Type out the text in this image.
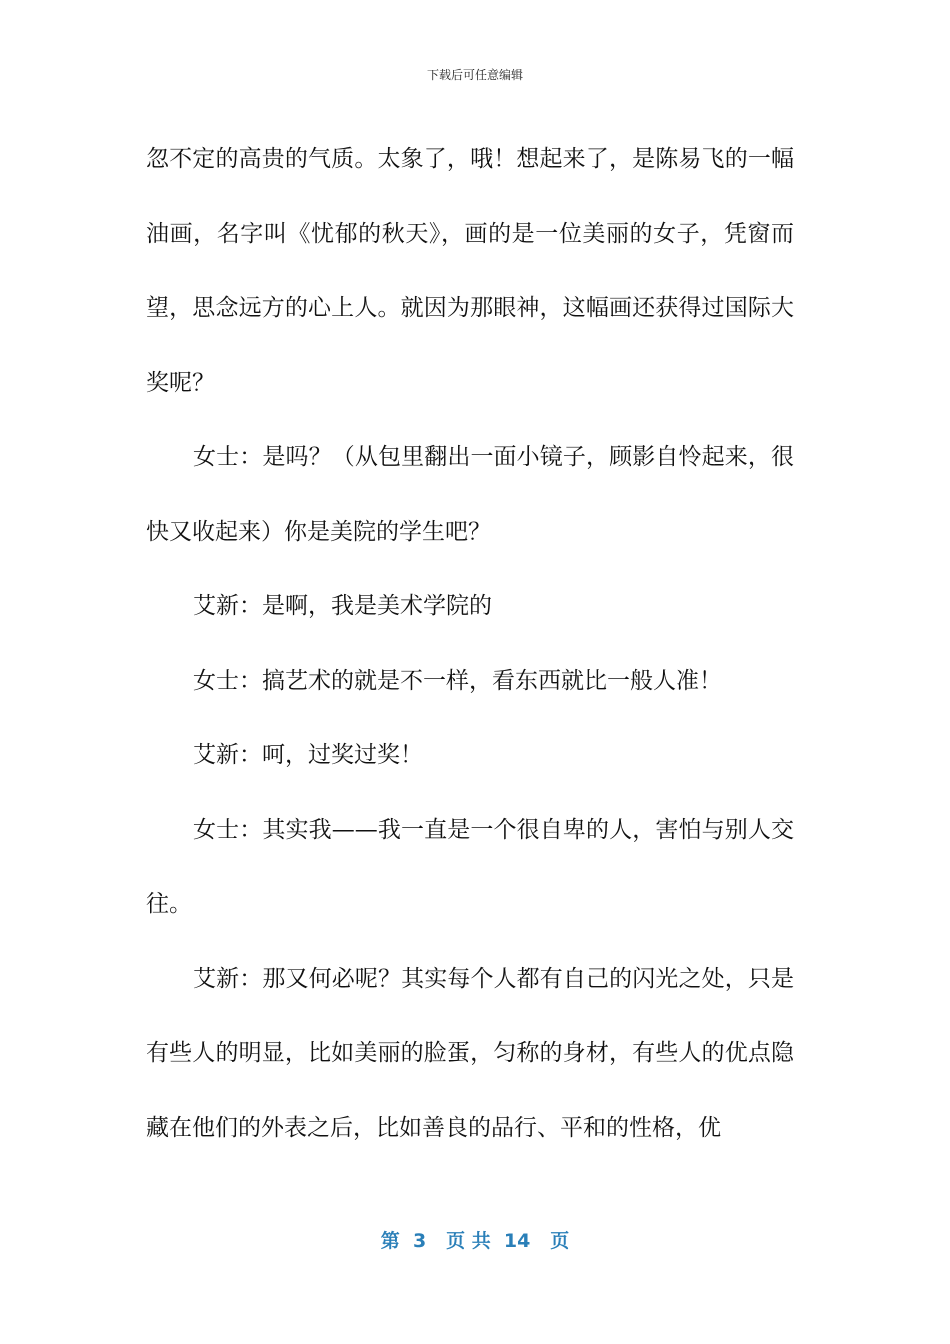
下载后可任意编辑

忽不定的高贵的气质。太象了，哦！想起来了，是陈易飞的一幅油画，名字叫《忧郁的秋天》，画的是一位美丽的女子，凭窗而望，思念远方的心上人。就因为那眼神，这幅画还获得过国际大奖呢？

女士：是吗？（从包里翻出一面小镜子，顾影自怜起来，很快又收起来）你是美院的学生吧？

艾新：是啊，我是美术学院的

女士：搞艺术的就是不一样，看东西就比一般人准！

艾新：呵，过奖过奖！

女士：其实我——我一直是一个很自卑的人，害怕与别人交往。

艾新：那又何必呢？其实每个人都有自己的闪光之处，只是有些人的明显，比如美丽的脸蛋，匀称的身材，有些人的优点隐藏在他们的外表之后，比如善良的品行、平和的性格，优

第  3   页 共  14   页
